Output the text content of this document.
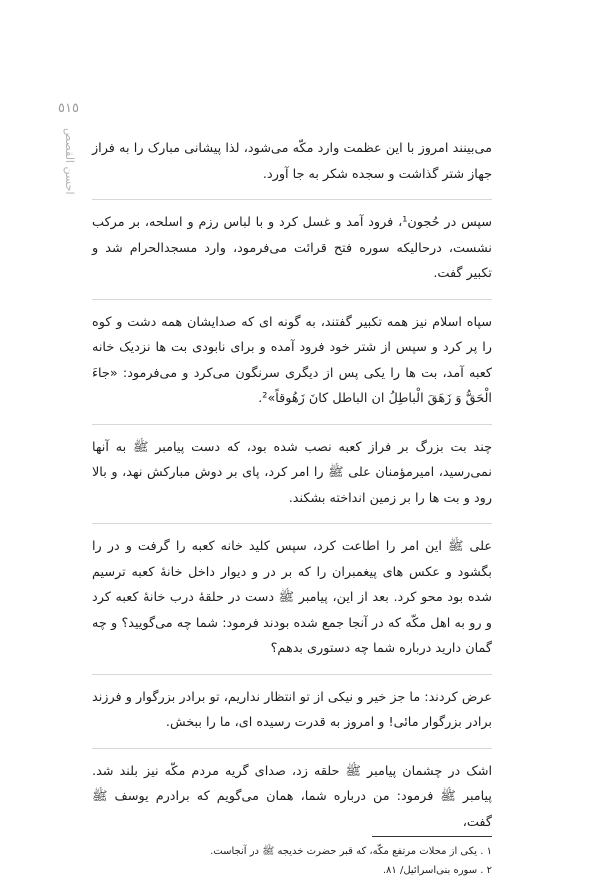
٥١٥
احسن القصص می‌بینند امروز با این عظمت وارد مکّه می‌شود، لذا پیشانی مبارک را به فراز جهاز شتر گذاشت و سجده شکر به جا آورد.

سپس در حُجون¹، فرود آمد و غسل کرد و با لباس رزم و اسلحه، بر مرکب نشست، درحالیکه سوره فتح قرائت می‌فرمود، وارد مسجدالحرام شد و تکبیر گفت.

سپاه اسلام نیز همه تکبیر گفتند، به گونه ای که صدایشان همه دشت و کوه را پر کرد و سپس از شتر خود فرود آمده و برای نابودی بت ها نزدیک خانه کعبه آمد، بت ها را یکی پس از دیگری سرنگون می‌کرد و می‌فرمود: «جاءَ الْحَقُّ وَ زَهَقَ الْباطِلُ ان الباطل كانَ زَهُوقاً»².

چند بت بزرگ بر فراز کعبه نصب شده بود، که دست پیامبر ﷺ به آنها نمی‌رسید، امیرمؤمنان علی ﷺ را امر کرد، پای بر دوش مبارکش نهد، و بالا رود و بت ها را بر زمین انداخته بشکند.

علی ﷺ این امر را اطاعت کرد، سپس کلید خانه کعبه را گرفت و در را بگشود و عکس های پیغمبران را که بر در و دیوار داخل خانهٔ کعبه ترسیم شده بود محو کرد. بعد از این، پیامبر ﷺ دست در حلقهٔ درب خانهٔ کعبه کرد و رو به اهل مکّه که در آنجا جمع شده بودند فرمود: شما چه می‌گویید؟ و چه گمان دارید درباره شما چه دستوری بدهم؟

عرض کردند: ما جز خیر و نیکی از تو انتظار نداریم، تو برادر بزرگوار و فرزند برادر بزرگوار مائی! و امروز به قدرت رسیده ای، ما را ببخش.

اشک در چشمان پیامبر ﷺ حلقه زد، صدای گریه مردم مکّه نیز بلند شد. پیامبر ﷺ فرمود: من درباره شما، همان می‌گویم که برادرم یوسف ﷺ گفت،

١ . یکی از محلات مرتفع مکّه، که قبر حضرت خدیجه ﷺ در آنجاست.
٢ . سوره بنی‌اسرائیل/ ٨١.
